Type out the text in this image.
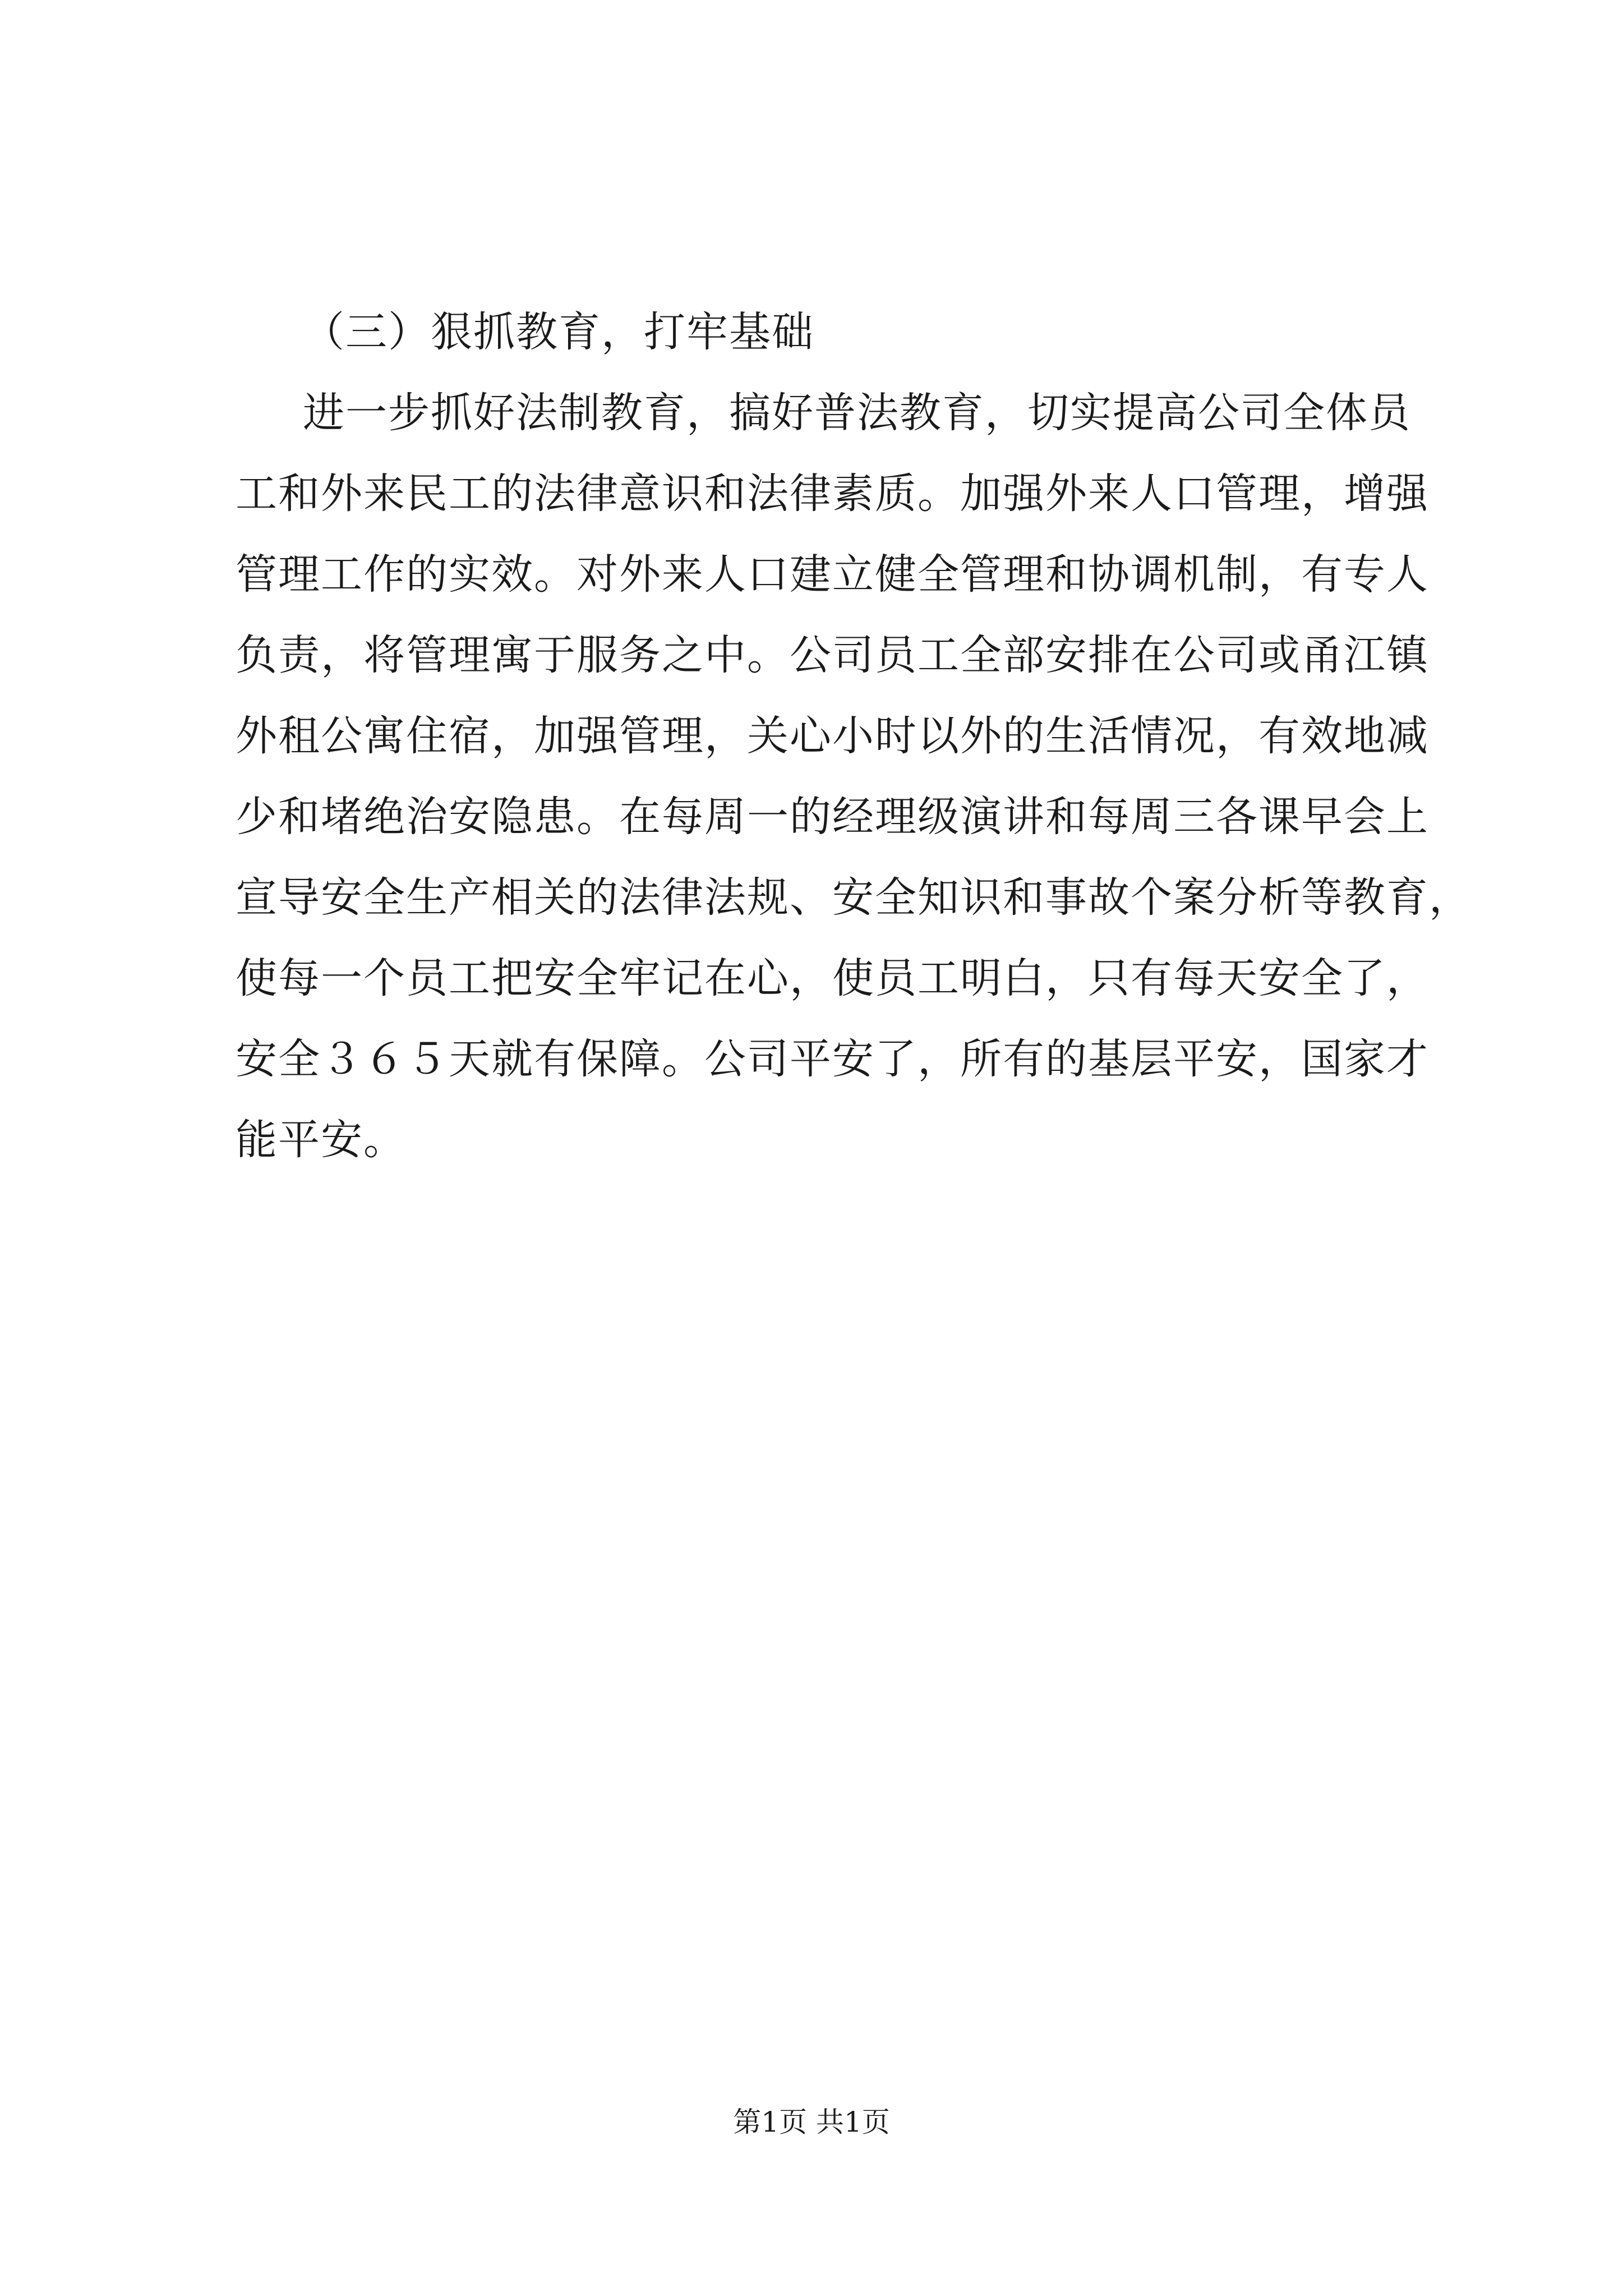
（三）狠抓教育，打牢基础

进一步抓好法制教育，搞好普法教育，切实提高公司全体员
工和外来民工的法律意识和法律素质。加强外来人口管理，增强
管理工作的实效。对外来人口建立健全管理和协调机制，有专人
负责，将管理寓于服务之中。公司员工全部安排在公司或甬江镇
外租公寓住宿，加强管理，关心小时以外的生活情况，有效地减
少和堵绝治安隐患。在每周一的经理级演讲和每周三各课早会上
宣导安全生产相关的法律法规、安全知识和事故个案分析等教育，
使每一个员工把安全牢记在心，使员工明白，只有每天安全了，
安全３６５天就有保障。公司平安了，所有的基层平安，国家才
能平安。

第1页 共1页
